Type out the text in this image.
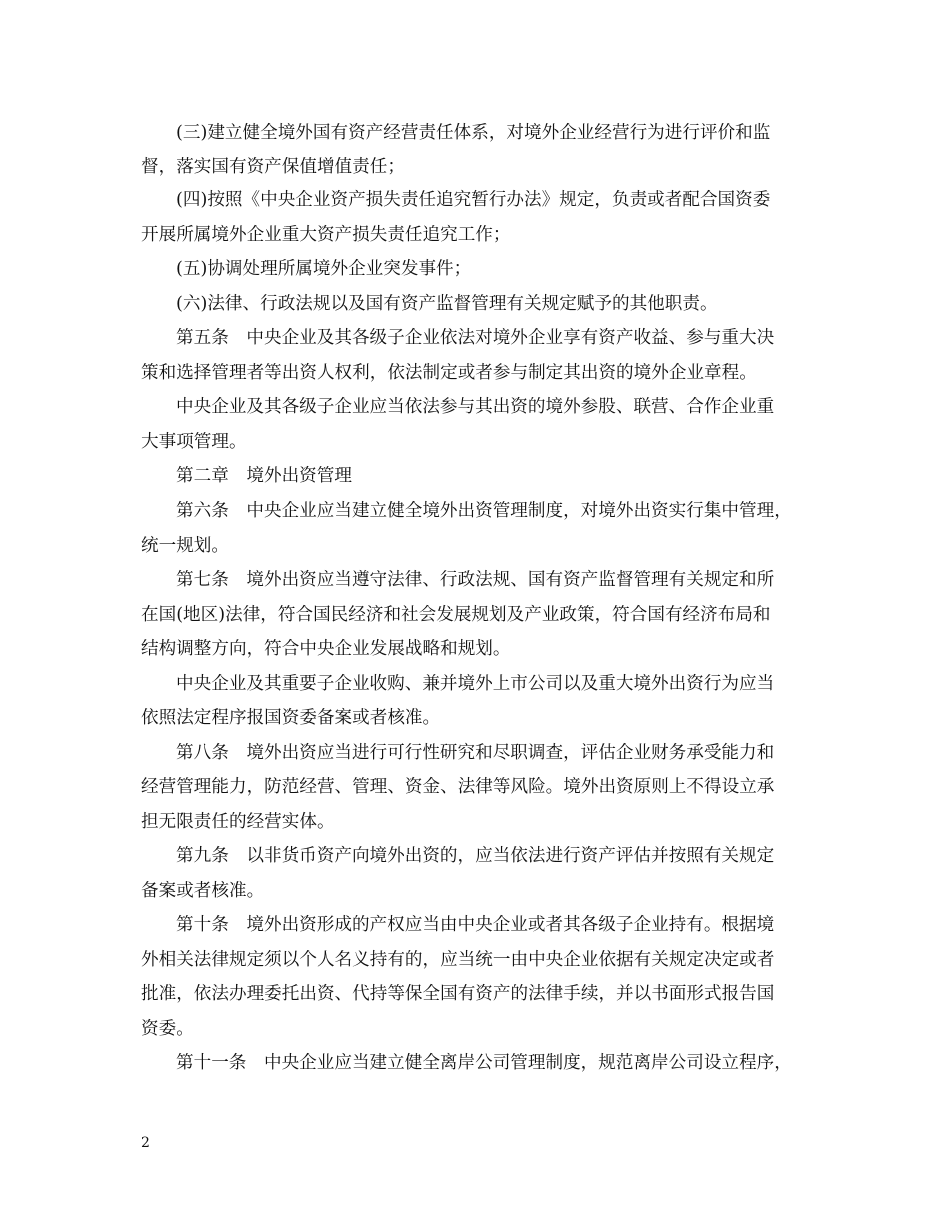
(三)建立健全境外国有资产经营责任体系，对境外企业经营行为进行评价和监
督，落实国有资产保值增值责任；
(四)按照《中央企业资产损失责任追究暂行办法》规定，负责或者配合国资委
开展所属境外企业重大资产损失责任追究工作；
(五)协调处理所属境外企业突发事件；
(六)法律、行政法规以及国有资产监督管理有关规定赋予的其他职责。
第五条　中央企业及其各级子企业依法对境外企业享有资产收益、参与重大决
策和选择管理者等出资人权利，依法制定或者参与制定其出资的境外企业章程。
中央企业及其各级子企业应当依法参与其出资的境外参股、联营、合作企业重
大事项管理。
第二章　境外出资管理
第六条　中央企业应当建立健全境外出资管理制度，对境外出资实行集中管理，
统一规划。
第七条　境外出资应当遵守法律、行政法规、国有资产监督管理有关规定和所
在国(地区)法律，符合国民经济和社会发展规划及产业政策，符合国有经济布局和
结构调整方向，符合中央企业发展战略和规划。
中央企业及其重要子企业收购、兼并境外上市公司以及重大境外出资行为应当
依照法定程序报国资委备案或者核准。
第八条　境外出资应当进行可行性研究和尽职调查，评估企业财务承受能力和
经营管理能力，防范经营、管理、资金、法律等风险。境外出资原则上不得设立承
担无限责任的经营实体。
第九条　以非货币资产向境外出资的，应当依法进行资产评估并按照有关规定
备案或者核准。
第十条　境外出资形成的产权应当由中央企业或者其各级子企业持有。根据境
外相关法律规定须以个人名义持有的，应当统一由中央企业依据有关规定决定或者
批准，依法办理委托出资、代持等保全国有资产的法律手续，并以书面形式报告国
资委。
第十一条　中央企业应当建立健全离岸公司管理制度，规范离岸公司设立程序，
2
